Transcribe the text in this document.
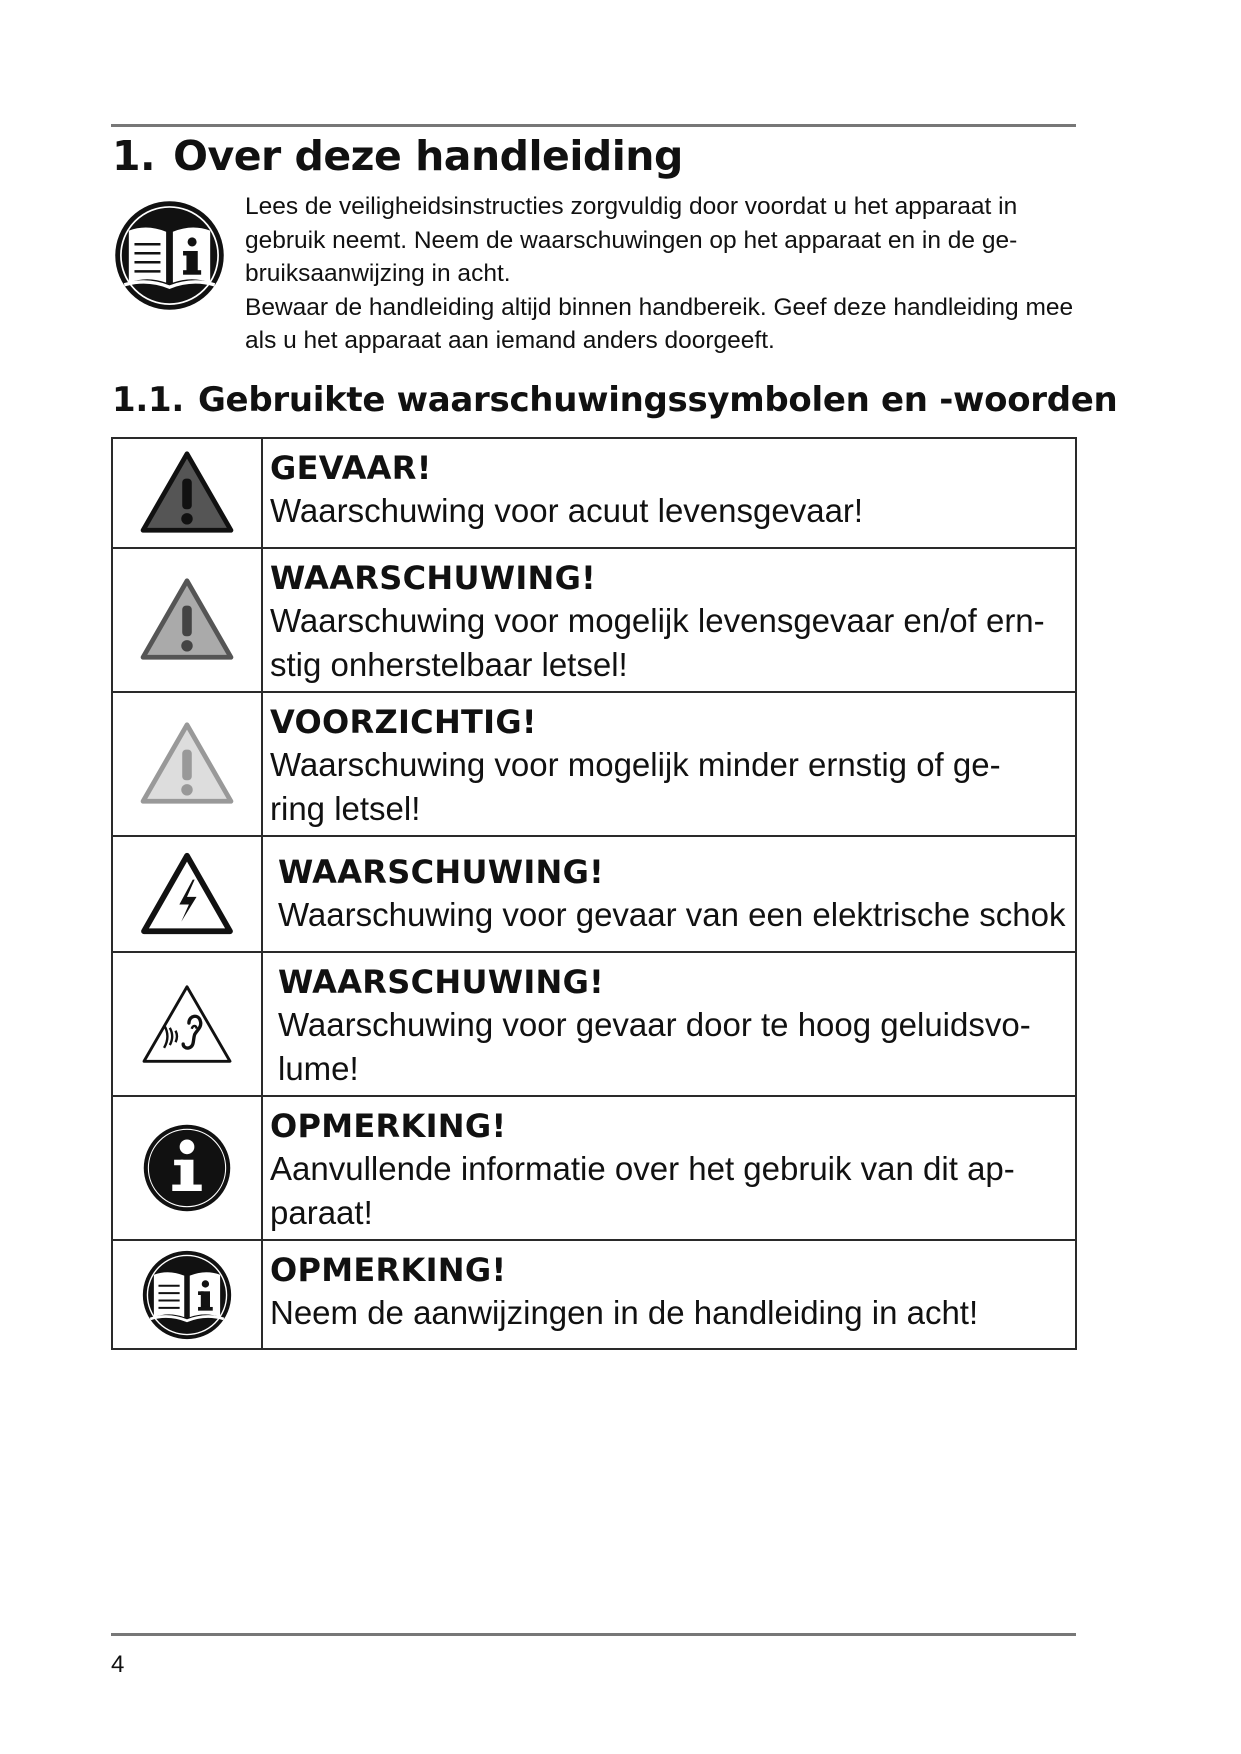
1. Over deze handleiding

Lees de veiligheidsinstructies zorgvuldig door voordat u het apparaat in gebruik neemt. Neem de waarschuwingen op het apparaat en in de gebruiksaanwijzing in acht.

Bewaar de handleiding altijd binnen handbereik. Geef deze handleiding mee als u het apparaat aan iemand anders doorgeeft.

1.1. Gebruikte waarschuwingssymbolen en -woorden

GEVAAR!
Waarschuwing voor acuut levensgevaar!

WAARSCHUWING!
Waarschuwing voor mogelijk levensgevaar en/of ern-
stig onherstelbaar letsel!

VOORZICHTIG!
Waarschuwing voor mogelijk minder ernstig of ge-
ring letsel!

WAARSCHUWING!
Waarschuwing voor gevaar van een elektrische schok

WAARSCHUWING!
Waarschuwing voor gevaar door te hoog geluidsvo-
lume!

OPMERKING!
Aanvullende informatie over het gebruik van dit ap-
paraat!

OPMERKING!
Neem de aanwijzingen in de handleiding in acht!
4
